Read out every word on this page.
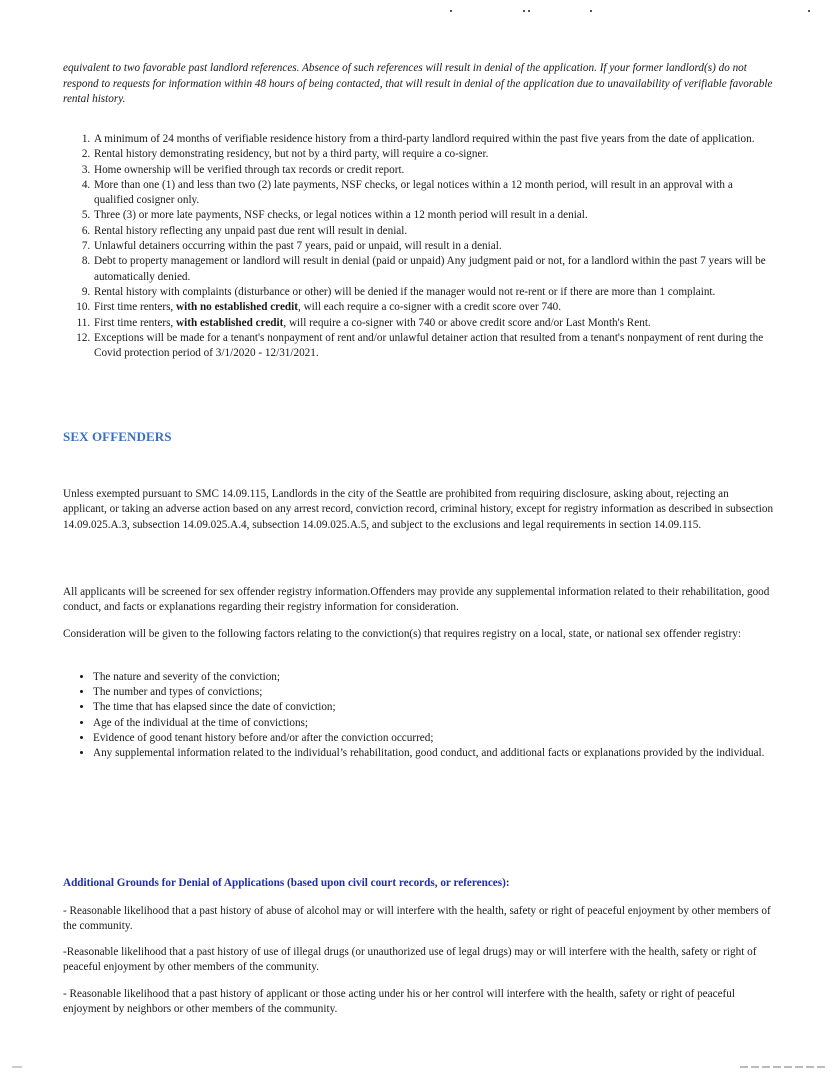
equivalent to two favorable past landlord references. Absence of such references will result in denial of the application. If your former landlord(s) do not respond to requests for information within 48 hours of being contacted, that will result in denial of the application due to unavailability of verifiable favorable rental history.

1. A minimum of 24 months of verifiable residence history from a third-party landlord required within the past five years from the date of application.
2. Rental history demonstrating residency, but not by a third party, will require a co-signer.
3. Home ownership will be verified through tax records or credit report.
4. More than one (1) and less than two (2) late payments, NSF checks, or legal notices within a 12 month period, will result in an approval with a qualified cosigner only.
5. Three (3) or more late payments, NSF checks, or legal notices within a 12 month period will result in a denial.
6. Rental history reflecting any unpaid past due rent will result in denial.
7. Unlawful detainers occurring within the past 7 years, paid or unpaid, will result in a denial.
8. Debt to property management or landlord will result in denial (paid or unpaid) Any judgment paid or not, for a landlord within the past 7 years will be automatically denied.
9. Rental history with complaints (disturbance or other) will be denied if the manager would not re-rent or if there are more than 1 complaint.
10. First time renters, with no established credit, will each require a co-signer with a credit score over 740.
11. First time renters, with established credit, will require a co-signer with 740 or above credit score and/or Last Month's Rent.
12. Exceptions will be made for a tenant's nonpayment of rent and/or unlawful detainer action that resulted from a tenant's nonpayment of rent during the Covid protection period of 3/1/2020 - 12/31/2021.
SEX OFFENDERS

Unless exempted pursuant to SMC 14.09.115, Landlords in the city of the Seattle are prohibited from requiring disclosure, asking about, rejecting an applicant, or taking an adverse action based on any arrest record, conviction record, criminal history, except for registry information as described in subsection 14.09.025.A.3, subsection 14.09.025.A.4, subsection 14.09.025.A.5, and subject to the exclusions and legal requirements in section 14.09.115.

All applicants will be screened for sex offender registry information.Offenders may provide any supplemental information related to their rehabilitation, good conduct, and facts or explanations regarding their registry information for consideration.

Consideration will be given to the following factors relating to the conviction(s) that requires registry on a local, state, or national sex offender registry:

• The nature and severity of the conviction;
• The number and types of convictions;
• The time that has elapsed since the date of conviction;
• Age of the individual at the time of convictions;
• Evidence of good tenant history before and/or after the conviction occurred;
• Any supplemental information related to the individual’s rehabilitation, good conduct, and additional facts or explanations provided by the individual.
Additional Grounds for Denial of Applications (based upon civil court records, or references):

- Reasonable likelihood that a past history of abuse of alcohol may or will interfere with the health, safety or right of peaceful enjoyment by other members of the community.

-Reasonable likelihood that a past history of use of illegal drugs (or unauthorized use of legal drugs) may or will interfere with the health, safety or right of peaceful enjoyment by other members of the community.

- Reasonable likelihood that a past history of applicant or those acting under his or her control will interfere with the health, safety or right of peaceful enjoyment by neighbors or other members of the community.
